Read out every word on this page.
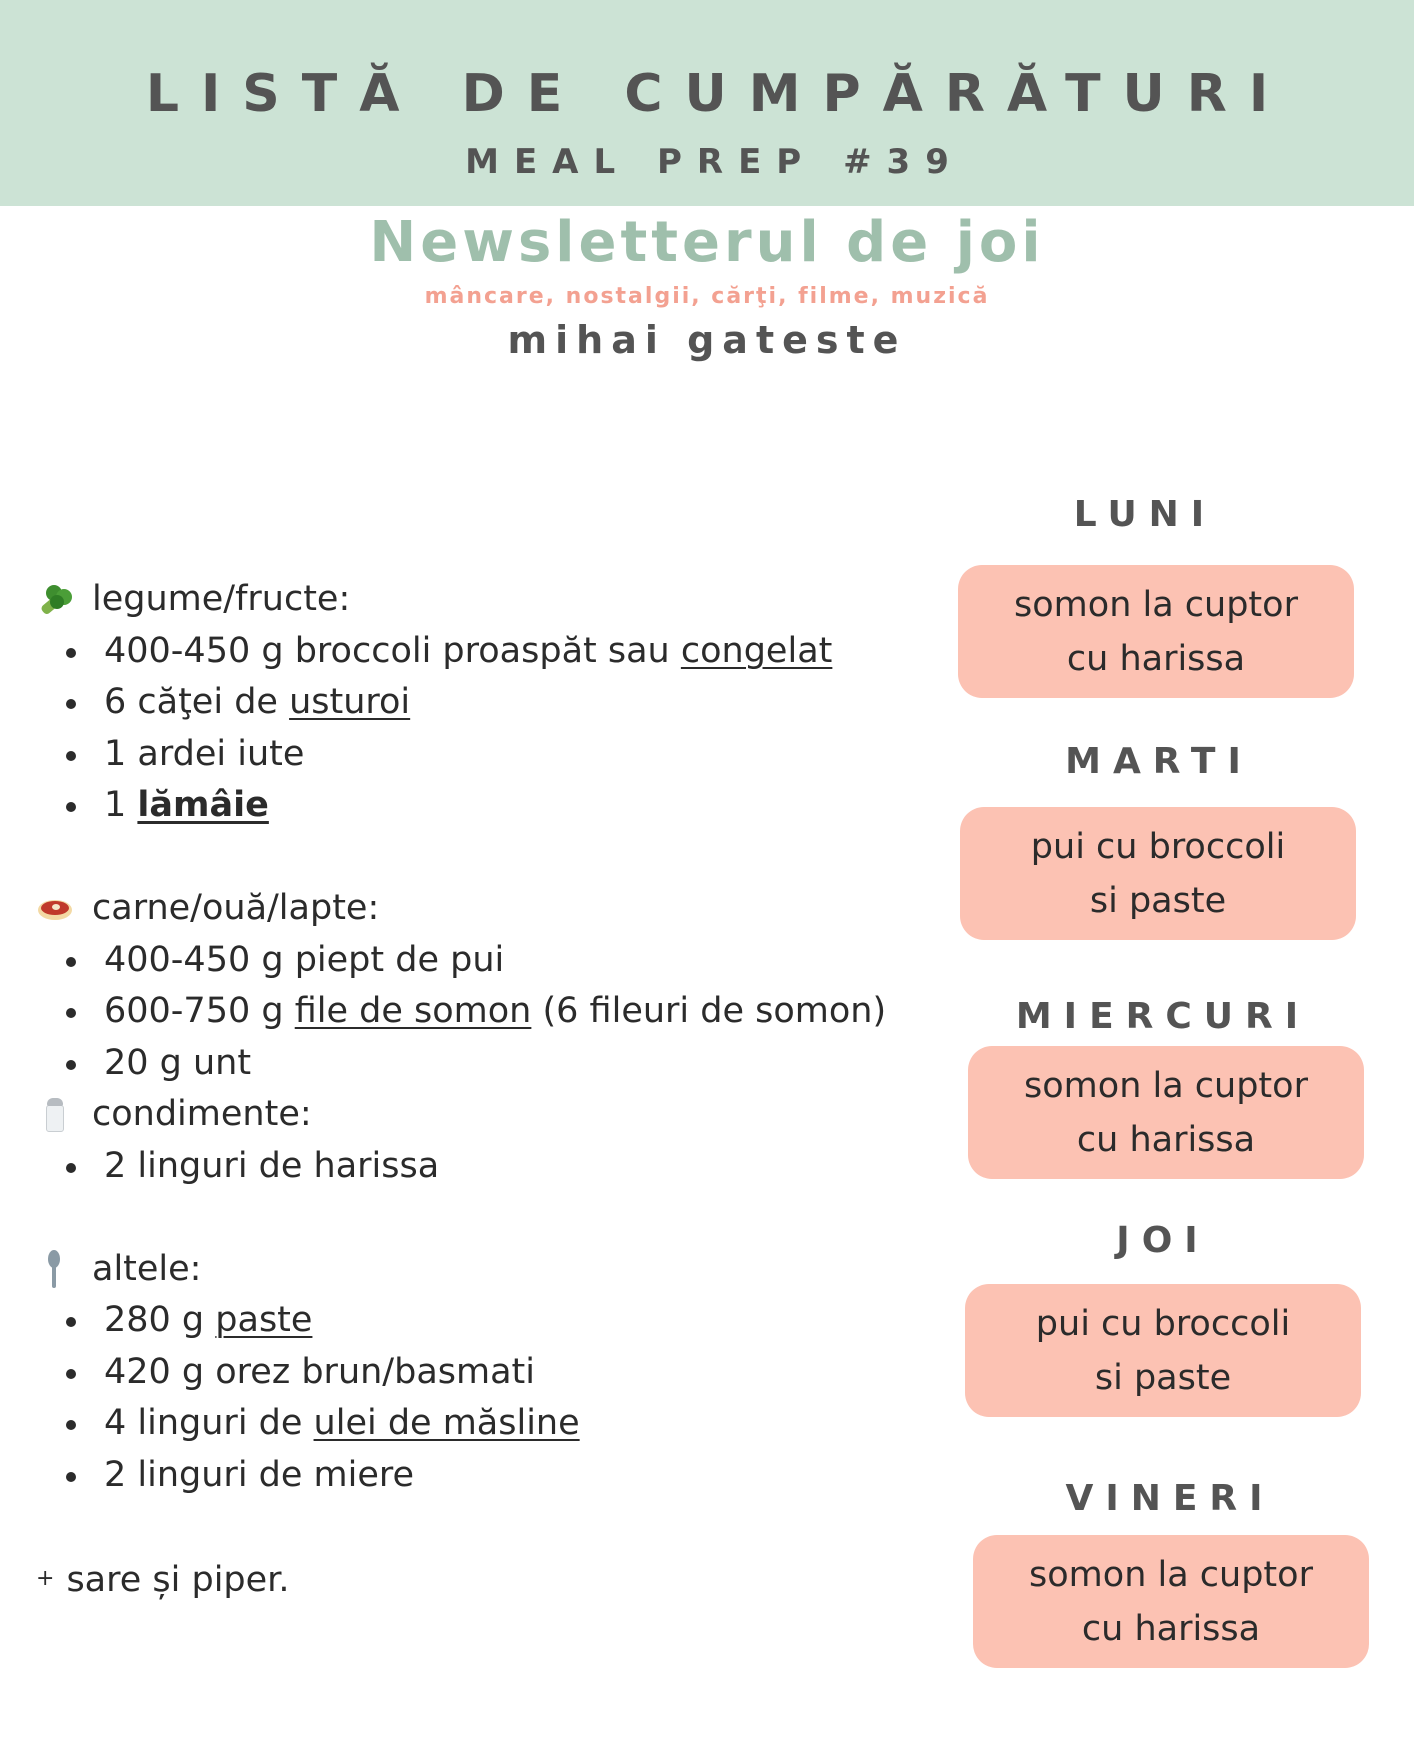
LISTĂ DE CUMPĂRĂTURI
MEAL PREP #39
Newsletterul de joi
mâncare, nostalgii, cărţi, filme, muzică
mihai gateste
legume/fructe:
400-450 g broccoli proaspăt sau congelat
6 căţei de usturoi
1 ardei iute
1 lămâie
carne/ouă/lapte:
400-450 g piept de pui
600-750 g file de somon (6 fileuri de somon)
20 g unt
condimente:
2 linguri de harissa
altele:
280 g paste
420 g orez brun/basmati
4 linguri de ulei de măsline
2 linguri de miere
+ sare și piper.
LUNI
somon la cuptor
cu harissa
MARTI
pui cu broccoli
si paste
MIERCURI
somon la cuptor
cu harissa
JOI
pui cu broccoli
si paste
VINERI
somon la cuptor
cu harissa
